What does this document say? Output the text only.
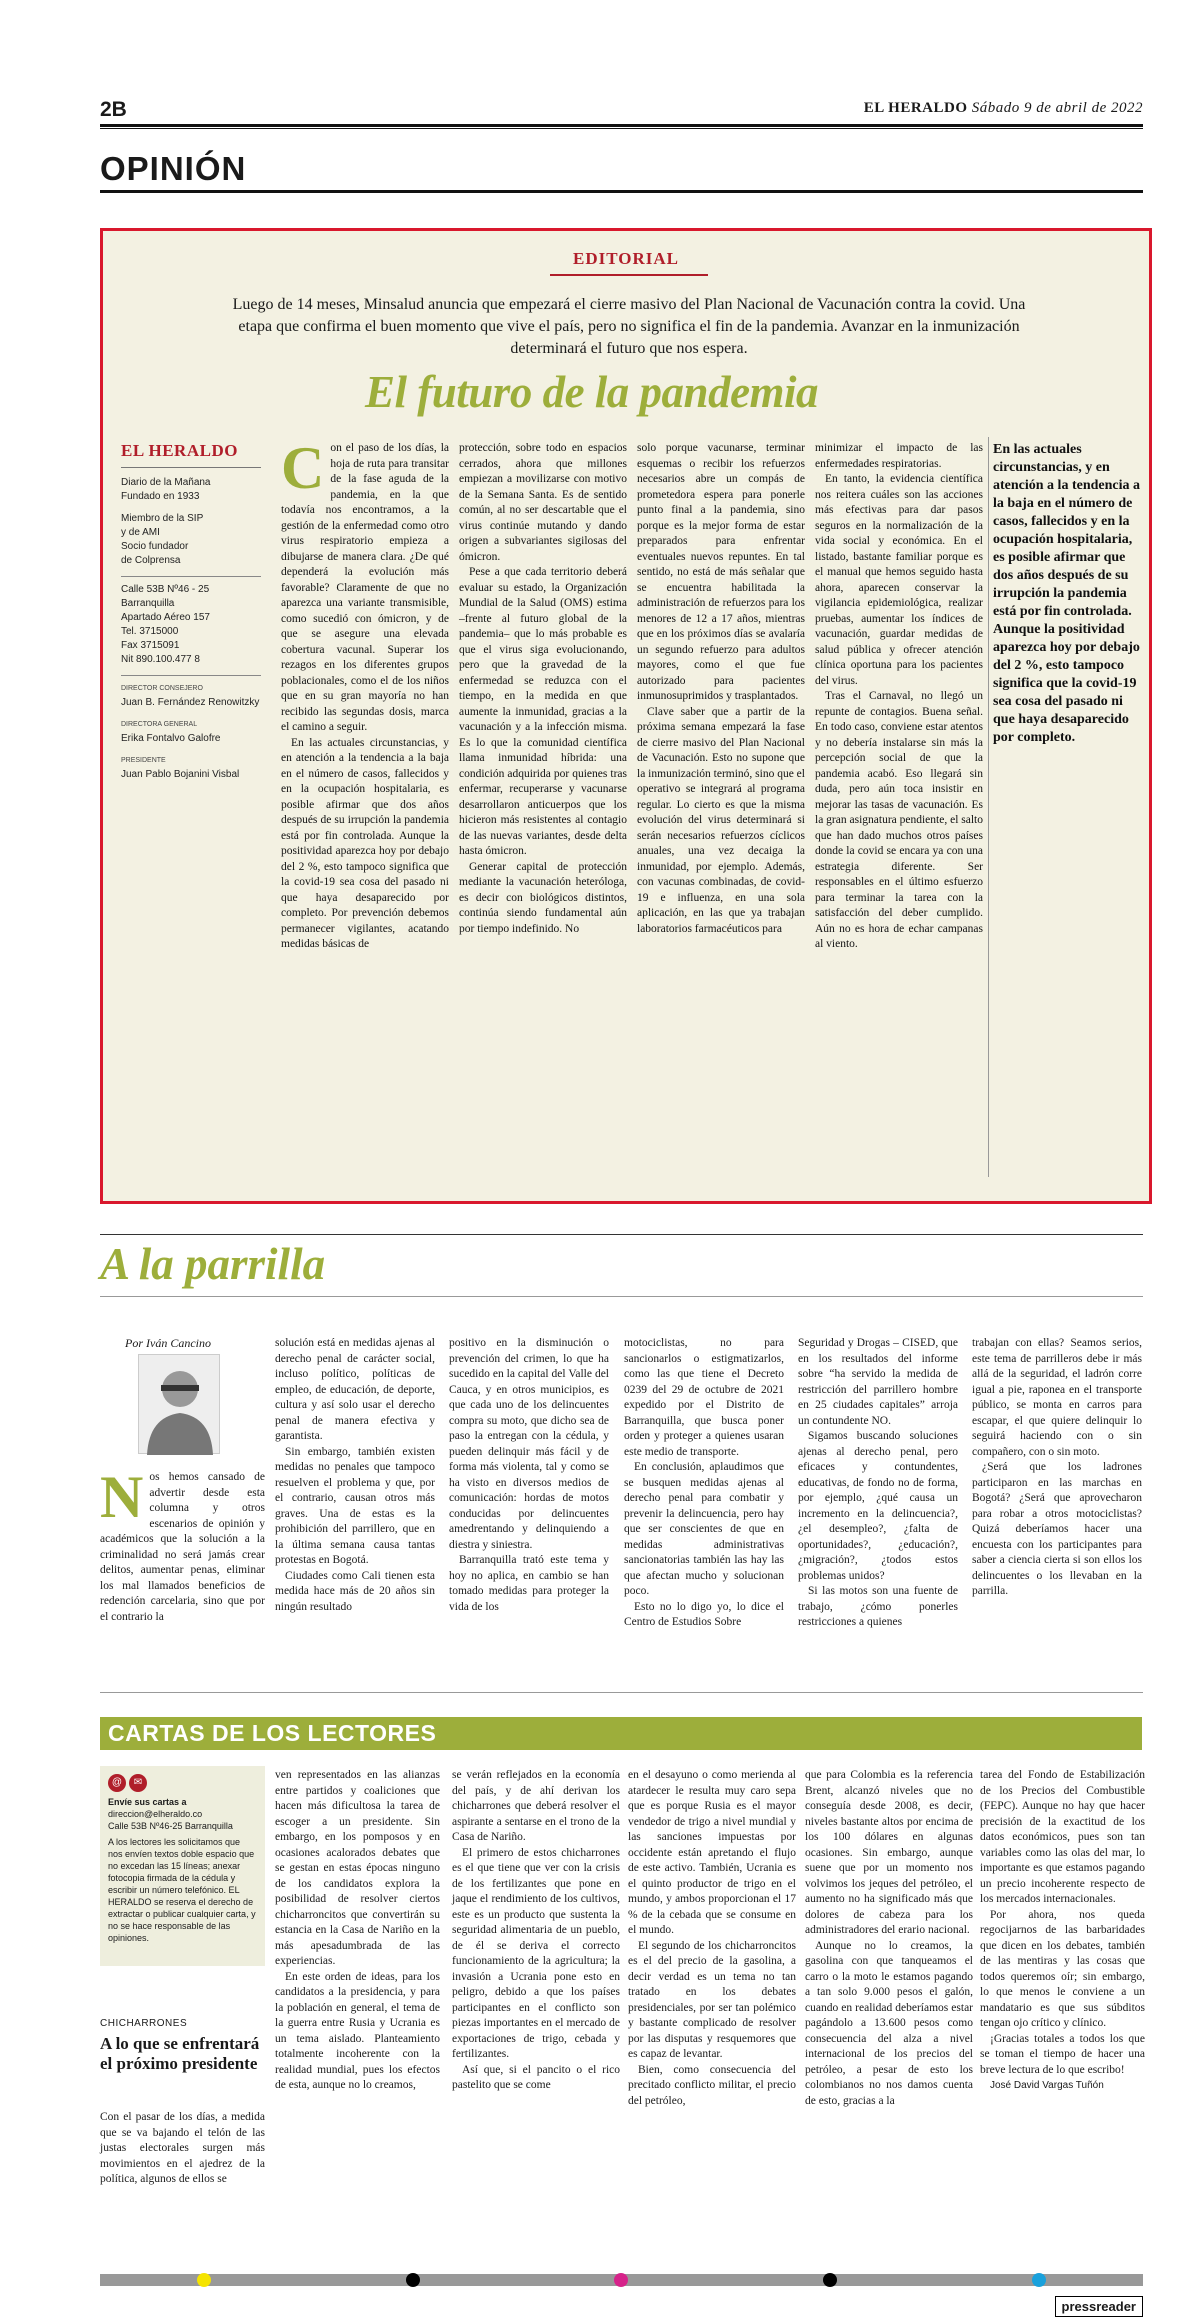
2B	EL HERALDO Sábado 9 de abril de 2022
OPINIÓN
EDITORIAL
Luego de 14 meses, Minsalud anuncia que empezará el cierre masivo del Plan Nacional de Vacunación contra la covid. Una etapa que confirma el buen momento que vive el país, pero no significa el fin de la pandemia. Avanzar en la inmunización determinará el futuro que nos espera.
El futuro de la pandemia
EL HERALDO

Diario de la Mañana
Fundado en 1933

Miembro de la SIP
y de AMI
Socio fundador
de Colprensa

Calle 53B Nº46 - 25
Barranquilla
Apartado Aéreo 157
Tel. 3715000
Fax 3715091
Nit 890.100.477 8

DIRECTOR CONSEJERO

Juan B. Fernández Renowitzky

DIRECTORA GENERAL

Erika Fontalvo Galofre

PRESIDENTE

Juan Pablo Bojanini Visbal

Con el paso de los días, la hoja de ruta para transitar de la fase aguda de la pandemia, en la que todavía nos encontramos, a la gestión de la enfermedad como otro virus respiratorio empieza a dibujarse de manera clara. ¿De qué dependerá la evolución más favorable? Claramente de que no aparezca una variante transmisible, como sucedió con ómicron, y de que se asegure una elevada cobertura vacunal. Superar los rezagos en los diferentes grupos poblacionales, como el de los niños que en su gran mayoría no han recibido las segundas dosis, marca el camino a seguir.

En las actuales circunstancias, y en atención a la tendencia a la baja en el número de casos, fallecidos y en la ocupación hospitalaria, es posible afirmar que dos años después de su irrupción la pandemia está por fin controlada. Aunque la positividad aparezca hoy por debajo del 2 %, esto tampoco significa que la covid-19 sea cosa del pasado ni que haya desaparecido por completo. Por prevención debemos permanecer vigilantes, acatando medidas básicas de

protección, sobre todo en espacios cerrados, ahora que millones empiezan a movilizarse con motivo de la Semana Santa. Es de sentido común, al no ser descartable que el virus continúe mutando y dando origen a subvariantes sigilosas del ómicron.

Pese a que cada territorio deberá evaluar su estado, la Organización Mundial de la Salud (OMS) estima –frente al futuro global de la pandemia– que lo más probable es que el virus siga evolucionando, pero que la gravedad de la enfermedad se reduzca con el tiempo, en la medida en que aumente la inmunidad, gracias a la vacunación y a la infección misma. Es lo que la comunidad científica llama inmunidad híbrida: una condición adquirida por quienes tras enfermar, recuperarse y vacunarse desarrollaron anticuerpos que los hicieron más resistentes al contagio de las nuevas variantes, desde delta hasta ómicron.

Generar capital de protección mediante la vacunación heteróloga, es decir con biológicos distintos, continúa siendo fundamental aún por tiempo indefinido. No

solo porque vacunarse, terminar esquemas o recibir los refuerzos necesarios abre un compás de prometedora espera para ponerle punto final a la pandemia, sino porque es la mejor forma de estar preparados para enfrentar eventuales nuevos repuntes. En tal sentido, no está de más señalar que se encuentra habilitada la administración de refuerzos para los menores de 12 a 17 años, mientras que en los próximos días se avalaría un segundo refuerzo para adultos mayores, como el que fue autorizado para pacientes inmunosuprimidos y trasplantados.

Clave saber que a partir de la próxima semana empezará la fase de cierre masivo del Plan Nacional de Vacunación. Esto no supone que la inmunización terminó, sino que el operativo se integrará al programa regular. Lo cierto es que la misma evolución del virus determinará si serán necesarios refuerzos cíclicos anuales, una vez decaiga la inmunidad, por ejemplo. Además, con vacunas combinadas, de covid-19 e influenza, en una sola aplicación, en las que ya trabajan laboratorios farmacéuticos para

minimizar el impacto de las enfermedades respiratorias.

En tanto, la evidencia científica nos reitera cuáles son las acciones más efectivas para dar pasos seguros en la normalización de la vida social y económica. En el listado, bastante familiar porque es el manual que hemos seguido hasta ahora, aparecen conservar la vigilancia epidemiológica, realizar pruebas, aumentar los índices de vacunación, guardar medidas de salud pública y ofrecer atención clínica oportuna para los pacientes del virus.

Tras el Carnaval, no llegó un repunte de contagios. Buena señal. En todo caso, conviene estar atentos y no debería instalarse sin más la percepción social de que la pandemia acabó. Eso llegará sin duda, pero aún toca insistir en mejorar las tasas de vacunación. Es la gran asignatura pendiente, el salto que han dado muchos otros países donde la covid se encara ya con una estrategia diferente. Ser responsables en el último esfuerzo para terminar la tarea con la satisfacción del deber cumplido. Aún no es hora de echar campanas al viento.

En las actuales circunstancias, y en atención a la tendencia a la baja en el número de casos, fallecidos y en la ocupación hospitalaria, es posible afirmar que dos años después de su irrupción la pandemia está por fin controlada. Aunque la positividad aparezca hoy por debajo del 2 %, esto tampoco significa que la covid-19 sea cosa del pasado ni que haya desaparecido por completo.
A la parrilla
Por Iván Cancino

Nos hemos cansado de advertir desde esta columna y otros escenarios de opinión y académicos que la solución a la criminalidad no será jamás crear delitos, aumentar penas, eliminar los mal llamados beneficios de redención carcelaria, sino que por el contrario la

solución está en medidas ajenas al derecho penal de carácter social, incluso político, políticas de empleo, de educación, de deporte, cultura y así solo usar el derecho penal de manera efectiva y garantista.

Sin embargo, también existen medidas no penales que tampoco resuelven el problema y que, por el contrario, causan otros más graves. Una de estas es la prohibición del parrillero, que en la última semana causa tantas protestas en Bogotá.

Ciudades como Cali tienen esta medida hace más de 20 años sin ningún resultado

positivo en la disminución o prevención del crimen, lo que ha sucedido en la capital del Valle del Cauca, y en otros municipios, es que cada uno de los delincuentes compra su moto, que dicho sea de paso la entregan con la cédula, y pueden delinquir más fácil y de forma más violenta, tal y como se ha visto en diversos medios de comunicación: hordas de motos conducidas por delincuentes amedrentando y delinquiendo a diestra y siniestra.

Barranquilla trató este tema y hoy no aplica, en cambio se han tomado medidas para proteger la vida de los

motociclistas, no para sancionarlos o estigmatizarlos, como las que tiene el Decreto 0239 del 29 de octubre de 2021 expedido por el Distrito de Barranquilla, que busca poner orden y proteger a quienes usaran este medio de transporte.

En conclusión, aplaudimos que se busquen medidas ajenas al derecho penal para combatir y prevenir la delincuencia, pero hay que ser conscientes de que en medidas administrativas sancionatorias también las hay las que afectan mucho y solucionan poco.

Esto no lo digo yo, lo dice el Centro de Estudios Sobre

Seguridad y Drogas – CISED, que en los resultados del informe sobre “ha servido la medida de restricción del parrillero hombre en 25 ciudades capitales” arroja un contundente NO.

Sigamos buscando soluciones ajenas al derecho penal, pero eficaces y contundentes, educativas, de fondo no de forma, por ejemplo, ¿qué causa un incremento en la delincuencia?, ¿el desempleo?, ¿falta de oportunidades?, ¿educación?, ¿migración?, ¿todos estos problemas unidos?

Si las motos son una fuente de trabajo, ¿cómo ponerles restricciones a quienes

trabajan con ellas? Seamos serios, este tema de parrilleros debe ir más allá de la seguridad, el ladrón corre igual a pie, raponea en el transporte público, se monta en carros para escapar, el que quiere delinquir lo seguirá haciendo con o sin compañero, con o sin moto.

¿Será que los ladrones participaron en las marchas en Bogotá? ¿Será que aprovecharon para robar a otros motociclistas? Quizá deberíamos hacer una encuesta con los participantes para saber a ciencia cierta si son ellos los delincuentes o los llevaban en la parrilla.

CARTAS DE LOS LECTORES
@ ✉
Envíe sus cartas a
direccion@elheraldo.co
Calle 53B Nº46-25 Barranquilla
A los lectores les solicitamos que nos envíen textos doble espacio que no excedan las 15 líneas; anexar fotocopia firmada de la cédula y escribir un número telefónico. EL HERALDO se reserva el derecho de extractar o publicar cualquier carta, y no se hace responsable de las opiniones.
CHICHARRONES
A lo que se enfrentará el próximo presidente

Con el pasar de los días, a medida que se va bajando el telón de las justas electorales surgen más movimientos en el ajedrez de la política, algunos de ellos se

ven representados en las alianzas entre partidos y coaliciones que hacen más dificultosa la tarea de escoger a un presidente. Sin embargo, en los pomposos y en ocasiones acalorados debates que se gestan en estas épocas ninguno de los candidatos explora la posibilidad de resolver ciertos chicharroncitos que convertirán su estancia en la Casa de Nariño en la más apesadumbrada de las experiencias.

En este orden de ideas, para los candidatos a la presidencia, y para la población en general, el tema de la guerra entre Rusia y Ucrania es un tema aislado. Planteamiento totalmente incoherente con la realidad mundial, pues los efectos de esta, aunque no lo creamos,

se verán reflejados en la economía del país, y de ahí derivan los chicharrones que deberá resolver el aspirante a sentarse en el trono de la Casa de Nariño.

El primero de estos chicharrones es el que tiene que ver con la crisis de los fertilizantes que pone en jaque el rendimiento de los cultivos, este es un producto que sustenta la seguridad alimentaria de un pueblo, de él se deriva el correcto funcionamiento de la agricultura; la invasión a Ucrania pone esto en peligro, debido a que los países participantes en el conflicto son piezas importantes en el mercado de exportaciones de trigo, cebada y fertilizantes.

Así que, si el pancito o el rico pastelito que se come

en el desayuno o como merienda al atardecer le resulta muy caro sepa que es porque Rusia es el mayor vendedor de trigo a nivel mundial y las sanciones impuestas por occidente están apretando el flujo de este activo. También, Ucrania es el quinto productor de trigo en el mundo, y ambos proporcionan el 17 % de la cebada que se consume en el mundo.

El segundo de los chicharroncitos es el del precio de la gasolina, a decir verdad es un tema no tan tratado en los debates presidenciales, por ser tan polémico y bastante complicado de resolver por las disputas y resquemores que es capaz de levantar.

Bien, como consecuencia del precitado conflicto militar, el precio del petróleo,

que para Colombia es la referencia Brent, alcanzó niveles que no conseguía desde 2008, es decir, niveles bastante altos por encima de los 100 dólares en algunas ocasiones. Sin embargo, aunque suene que por un momento nos volvimos los jeques del petróleo, el aumento no ha significado más que dolores de cabeza para los administradores del erario nacional.

Aunque no lo creamos, la gasolina con que tanqueamos el carro o la moto le estamos pagando a tan solo 9.000 pesos el galón, cuando en realidad deberíamos estar pagándolo a 13.600 pesos como consecuencia del alza a nivel internacional de los precios del petróleo, a pesar de esto los colombianos no nos damos cuenta de esto, gracias a la

tarea del Fondo de Estabilización de los Precios del Combustible (FEPC). Aunque no hay que hacer precisión de la exactitud de los datos económicos, pues son tan variables como las olas del mar, lo importante es que estamos pagando un precio incoherente respecto de los mercados internacionales.

Por ahora, nos queda regocijarnos de las barbaridades que dicen en los debates, también de las mentiras y las cosas que todos queremos oír; sin embargo, lo que menos le conviene a un mandatario es que sus súbditos tengan ojo crítico y clínico.

¡Gracias totales a todos los que se toman el tiempo de hacer una breve lectura de lo que escribo!

José David Vargas Tuñón

pressreader
